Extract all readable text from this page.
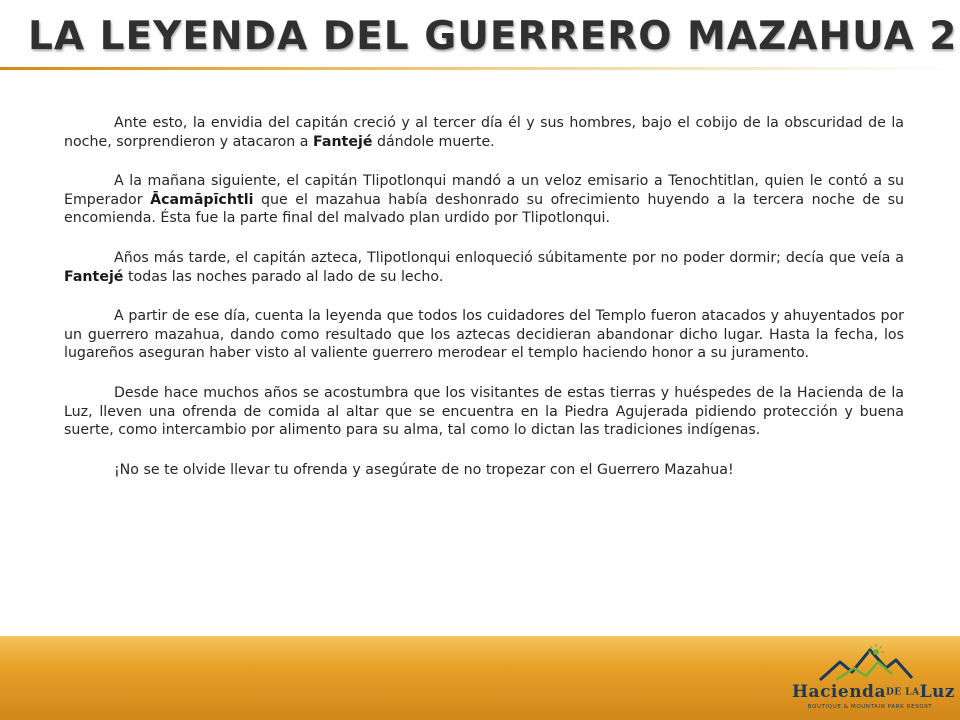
LA LEYENDA DEL GUERRERO MAZAHUA 2

Ante esto, la envidia del capitán creció y al tercer día él y sus hombres, bajo el cobijo de la obscuridad de la noche, sorprendieron y atacaron a Fantejé dándole muerte.

A la mañana siguiente, el capitán Tlipotlonqui mandó a un veloz emisario a Tenochtitlan, quien le contó a su Emperador Ācamāpīchtli que el mazahua había deshonrado su ofrecimiento huyendo a la tercera noche de su encomienda. Ésta fue la parte final del malvado plan urdido por Tlipotlonqui.

Años más tarde, el capitán azteca, Tlipotlonqui enloqueció súbitamente por no poder dormir; decía que veía a Fantejé todas las noches parado al lado de su lecho.

A partir de ese día, cuenta la leyenda que todos los cuidadores del Templo fueron atacados y ahuyentados por un guerrero mazahua, dando como resultado que los aztecas decidieran abandonar dicho lugar. Hasta la fecha, los lugareños aseguran haber visto al valiente guerrero merodear el templo haciendo honor a su juramento.

Desde hace muchos años se acostumbra que los visitantes de estas tierras y huéspedes de la Hacienda de la Luz, lleven una ofrenda de comida al altar que se encuentra en la Piedra Agujerada pidiendo protección y buena suerte, como intercambio por alimento para su alma, tal como lo dictan las tradiciones indígenas.

¡No se te olvide llevar tu ofrenda y asegúrate de no tropezar con el Guerrero Mazahua!

HaciendaDE LALuz
BOUTIQUE & MOUNTAIN PARK RESORT
